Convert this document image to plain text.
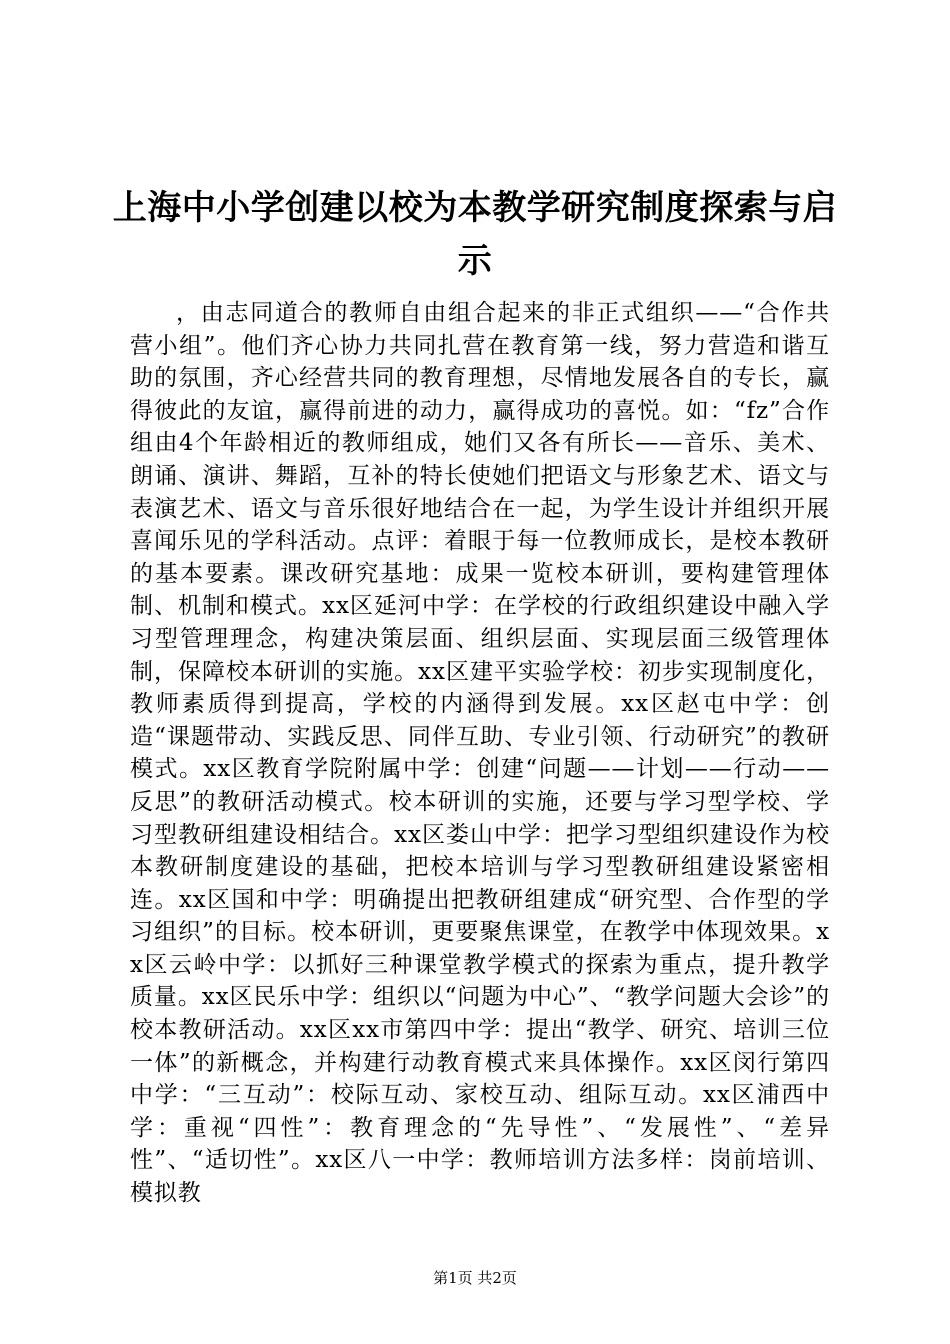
上海中小学创建以校为本教学研究制度探索与启示

，由志同道合的教师自由组合起来的非正式组织——“合作共营小组”。他们齐心协力共同扎营在教育第一线，努力营造和谐互助的氛围，齐心经营共同的教育理想，尽情地发展各自的专长，赢得彼此的友谊，赢得前进的动力，赢得成功的喜悦。如：“fz”合作组由4个年龄相近的教师组成，她们又各有所长——音乐、美术、朗诵、演讲、舞蹈，互补的特长使她们把语文与形象艺术、语文与表演艺术、语文与音乐很好地结合在一起，为学生设计并组织开展喜闻乐见的学科活动。点评：着眼于每一位教师成长，是校本教研的基本要素。课改研究基地：成果一览校本研训，要构建管理体制、机制和模式。xx区延河中学：在学校的行政组织建设中融入学习型管理理念，构建决策层面、组织层面、实现层面三级管理体制，保障校本研训的实施。xx区建平实验学校：初步实现制度化，教师素质得到提高，学校的内涵得到发展。xx区赵屯中学：创造“课题带动、实践反思、同伴互助、专业引领、行动研究”的教研模式。xx区教育学院附属中学：创建“问题——计划——行动——反思”的教研活动模式。校本研训的实施，还要与学习型学校、学习型教研组建设相结合。xx区娄山中学：把学习型组织建设作为校本教研制度建设的基础，把校本培训与学习型教研组建设紧密相连。xx区国和中学：明确提出把教研组建成“研究型、合作型的学习组织”的目标。校本研训，更要聚焦课堂，在教学中体现效果。xx区云岭中学：以抓好三种课堂教学模式的探索为重点，提升教学质量。xx区民乐中学：组织以“问题为中心”、“教学问题大会诊”的校本教研活动。xx区xx市第四中学：提出“教学、研究、培训三位一体”的新概念，并构建行动教育模式来具体操作。xx区闵行第四中学：“三互动”：校际互动、家校互动、组际互动。xx区浦西中学：重视“四性”：教育理念的“先导性”、“发展性”、“差异性”、“适切性”。xx区八一中学：教师培训方法多样：岗前培训、模拟教

第1页 共2页
